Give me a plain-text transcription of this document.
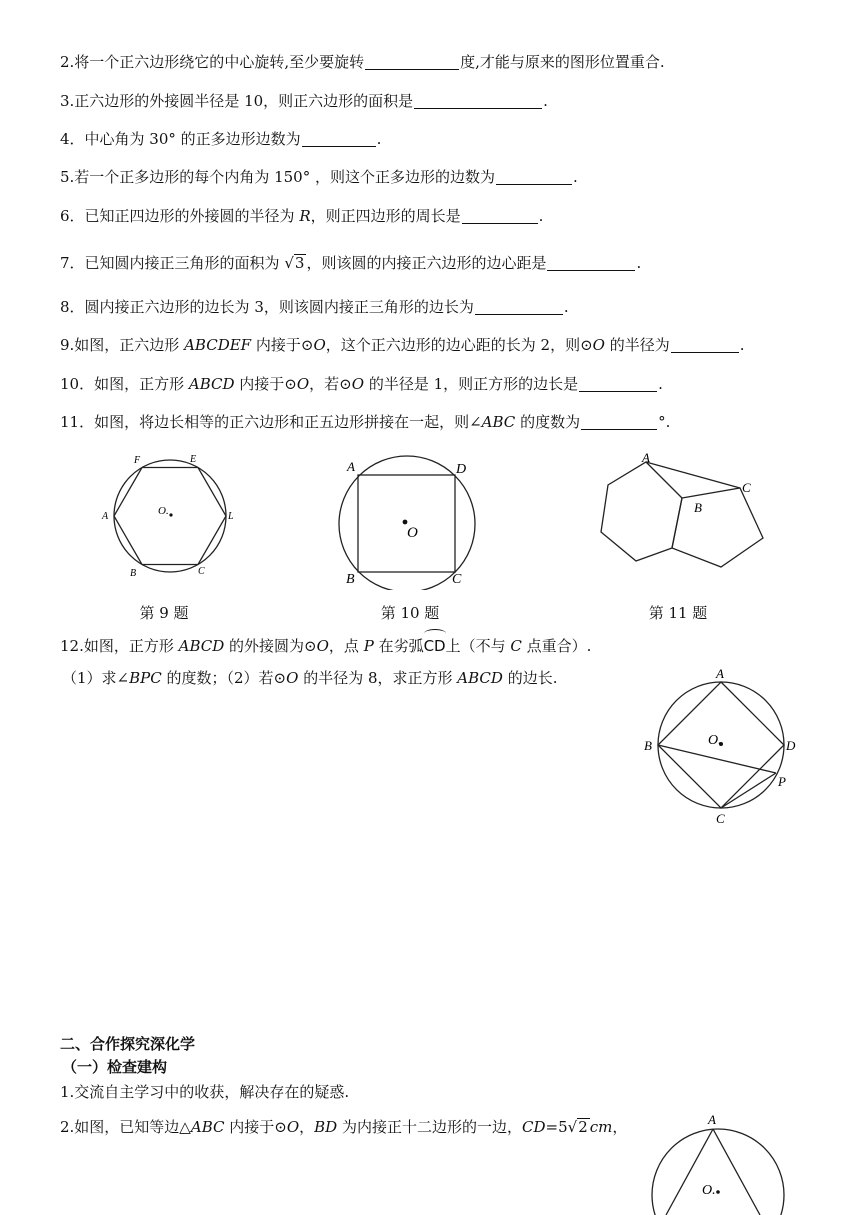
2.将一个正六边形绕它的中心旋转,至少要旋转	度,才能与原来的图形位置重合.
3.正六边形的外接圆半径是 10，则正六边形的面积是	.
4．中心角为 30° 的正多边形边数为	.
5.若一个正多边形的每个内角为 150° ，则这个正多边形的边数为	.
6．已知正四边形的外接圆的半径为 R，则正四边形的周长是	.
7．已知圆内接正三角形的面积为 √3 ，则该圆的内接正六边形的边心距是	.
8．圆内接正六边形的边长为 3，则该圆内接正三角形的边长为	.
9.如图，正六边形 ABCDEF 内接于⊙O，这个正六边形的边心距的长为 2，则⊙O 的半径为	.
10．如图，正方形 ABCD 内接于⊙O，若⊙O 的半径是 1，则正方形的边长是	.
11．如图，将边长相等的正六边形和正五边形拼接在一起，则∠ABC 的度数为	°.
F	E
A	L
B	C
O.
第 9 题
A	D
B	C
O
第 10 题
A
B
C
第 11 题
12.如图，正方形 ABCD 的外接圆为⊙O，点 P 在劣弧
CD上（不与 C 点重合）.
（1）求∠BPC 的度数；（2）若⊙O 的半径为 8，求正方形 ABCD 的边长.	A
B	O.	D
P
C
二、合作探究深化学
（一）检查建构
1.交流自主学习中的收获，解决存在的疑惑.
2.如图，已知等边△ABC 内接于⊙O，BD 为内接正十二边形的一边，CD=5√2 cm，	A
O.
